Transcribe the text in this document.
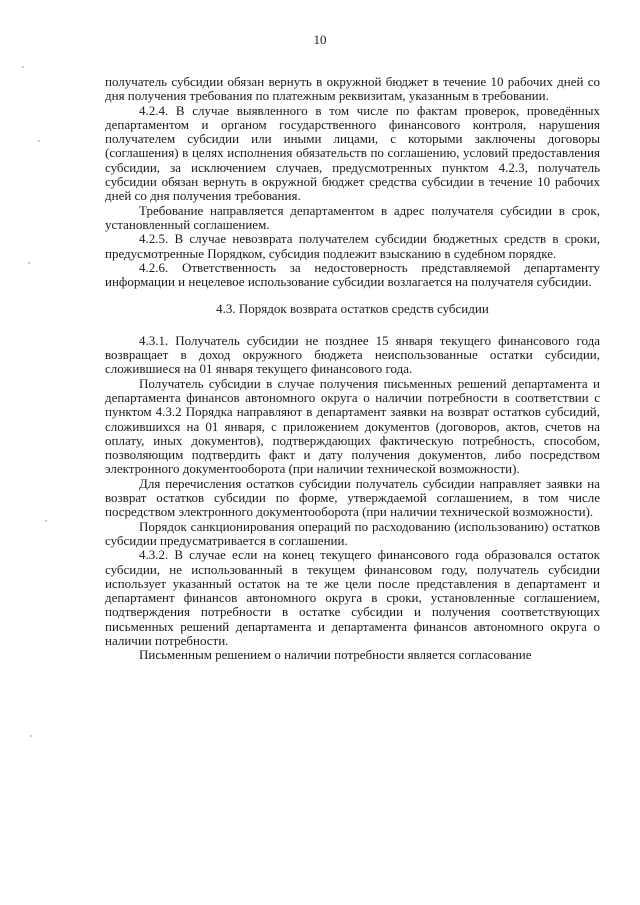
10

получатель субсидии обязан вернуть в окружной бюджет в течение 10 рабочих дней со дня получения требования по платежным реквизитам, указанным в требовании.

4.2.4. В случае выявленного в том числе по фактам проверок, проведённых департаментом и органом государственного финансового контроля, нарушения получателем субсидии или иными лицами, с которыми заключены договоры (соглашения) в целях исполнения обязательств по соглашению, условий предоставления субсидии, за исключением случаев, предусмотренных пунктом 4.2.3, получатель субсидии обязан вернуть в окружной бюджет средства субсидии в течение 10 рабочих дней со дня получения требования.

Требование направляется департаментом в адрес получателя субсидии в срок, установленный соглашением.

4.2.5. В случае невозврата получателем субсидии бюджетных средств в сроки, предусмотренные Порядком, субсидия подлежит взысканию в судебном порядке.

4.2.6. Ответственность за недостоверность представляемой департаменту информации и нецелевое использование субсидии возлагается на получателя субсидии.

4.3. Порядок возврата остатков средств субсидии

4.3.1. Получатель субсидии не позднее 15 января текущего финансового года возвращает в доход окружного бюджета неиспользованные остатки субсидии, сложившиеся на 01 января текущего финансового года.

Получатель субсидии в случае получения письменных решений департамента и департамента финансов автономного округа о наличии потребности в соответствии с пунктом 4.3.2 Порядка направляют в департамент заявки на возврат остатков субсидий, сложившихся на 01 января, с приложением документов (договоров, актов, счетов на оплату, иных документов), подтверждающих фактическую потребность, способом, позволяющим подтвердить факт и дату получения документов, либо посредством электронного документооборота (при наличии технической возможности).

Для перечисления остатков субсидии получатель субсидии направляет заявки на возврат остатков субсидии по форме, утверждаемой соглашением, в том числе посредством электронного документооборота (при наличии технической возможности).

Порядок санкционирования операций по расходованию (использованию) остатков субсидии предусматривается в соглашении.

4.3.2. В случае если на конец текущего финансового года образовался остаток субсидии, не использованный в текущем финансовом году, получатель субсидии использует указанный остаток на те же цели после представления в департамент и департамент финансов автономного округа в сроки, установленные соглашением, подтверждения потребности в остатке субсидии и получения соответствующих письменных решений департамента и департамента финансов автономного округа о наличии потребности.

Письменным решением о наличии потребности является согласование
